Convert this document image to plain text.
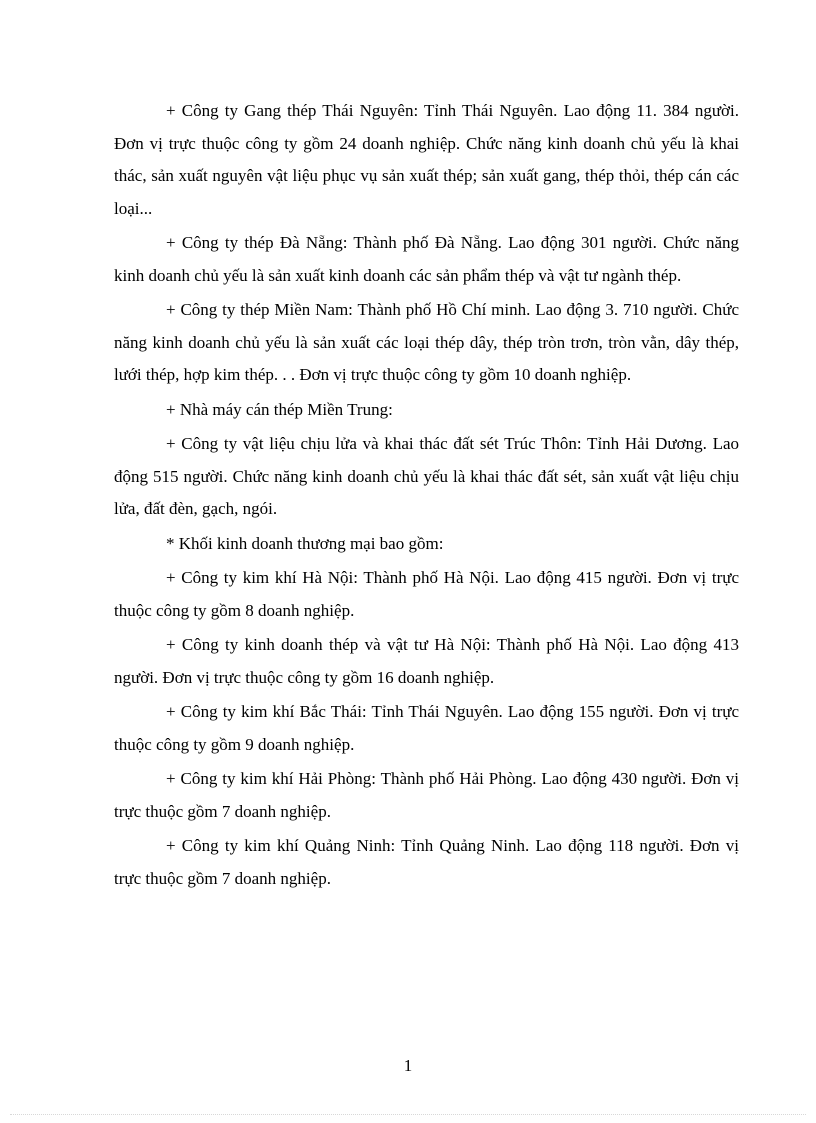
+ Công ty Gang thép Thái Nguyên: Tỉnh Thái Nguyên. Lao động 11. 384 người. Đơn vị trực thuộc công ty gồm 24 doanh nghiệp. Chức năng kinh doanh chủ yếu là khai thác, sản xuất nguyên vật liệu phục vụ sản xuất thép; sản xuất gang, thép thỏi, thép cán các loại...

+ Công ty thép Đà Nẵng: Thành phố Đà Nẵng. Lao động 301 người. Chức năng kinh doanh chủ yếu là sản xuất kinh doanh các sản phẩm thép và vật tư ngành thép.

+ Công ty thép Miền Nam: Thành phố Hồ Chí minh. Lao động 3. 710 người. Chức năng kinh doanh chủ yếu là sản xuất các loại thép dây, thép tròn trơn, tròn vằn, dây thép, lưới thép, hợp kim thép. . . Đơn vị trực thuộc công ty gồm 10 doanh nghiệp.

+ Nhà máy cán thép Miền Trung:

+ Công ty vật liệu chịu lửa và khai thác đất sét Trúc Thôn: Tỉnh Hải Dương. Lao động 515 người. Chức năng kinh doanh chủ yếu là khai thác đất sét, sản xuất vật liệu chịu lửa, đất đèn, gạch, ngói.

* Khối kinh doanh thương mại bao gồm:

+ Công ty kim khí Hà Nội: Thành phố Hà Nội. Lao động 415 người. Đơn vị trực thuộc công ty gồm 8 doanh nghiệp.

+ Công ty kinh doanh thép và vật tư Hà Nội: Thành phố Hà Nội. Lao động 413 người. Đơn vị trực thuộc công ty gồm 16 doanh nghiệp.

+ Công ty kim khí Bắc Thái: Tỉnh Thái Nguyên. Lao động 155 người. Đơn vị trực thuộc công ty gồm 9 doanh nghiệp.

+ Công ty kim khí Hải Phòng: Thành phố Hải Phòng. Lao động 430 người. Đơn vị trực thuộc gồm 7 doanh nghiệp.

+ Công ty kim khí Quảng Ninh: Tỉnh Quảng Ninh. Lao động 118 người. Đơn vị trực thuộc gồm 7 doanh nghiệp.

1
